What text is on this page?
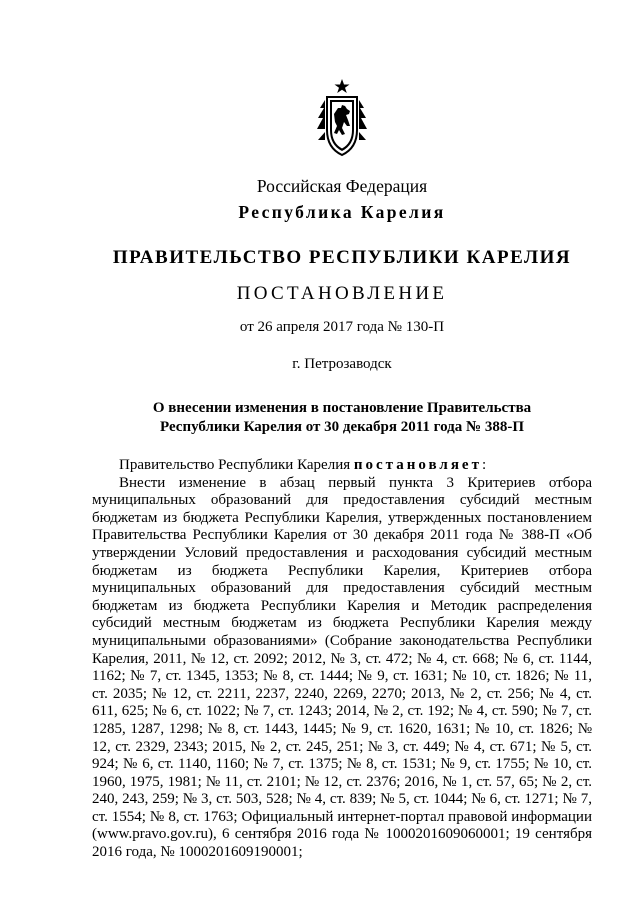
Российская Федерация
Республика Карелия
ПРАВИТЕЛЬСТВО РЕСПУБЛИКИ КАРЕЛИЯ
ПОСТАНОВЛЕНИЕ
от 26 апреля 2017 года № 130-П
г. Петрозаводск
О внесении изменения в постановление Правительства
Республики Карелия от 30 декабря 2011 года № 388-П

Правительство Республики Карелия постановляет:

Внести изменение в абзац первый пункта 3 Критериев отбора муниципальных образований для предоставления субсидий местным бюджетам из бюджета Республики Карелия, утвержденных постановлением Правительства Республики Карелия от 30 декабря 2011 года № 388-П «Об утверждении Условий предоставления и расходования субсидий местным бюджетам из бюджета Республики Карелия, Критериев отбора муниципальных образований для предоставления субсидий местным бюджетам из бюджета Республики Карелия и Методик распределения субсидий местным бюджетам из бюджета Республики Карелия между муниципальными образованиями» (Собрание законодательства Республики Карелия, 2011, № 12, ст. 2092; 2012, № 3, ст. 472; № 4, ст. 668; № 6, ст. 1144, 1162; № 7, ст. 1345, 1353; № 8, ст. 1444; № 9, ст. 1631; № 10, ст. 1826; № 11, ст. 2035; № 12, ст. 2211, 2237, 2240, 2269, 2270; 2013, № 2, ст. 256; № 4, ст. 611, 625; № 6, ст. 1022; № 7, ст. 1243; 2014, № 2, ст. 192; № 4, ст. 590; № 7, ст. 1285, 1287, 1298; № 8, ст. 1443, 1445; № 9, ст. 1620, 1631; № 10, ст. 1826; № 12, ст. 2329, 2343; 2015, № 2, ст. 245, 251; № 3, ст. 449; № 4, ст. 671; № 5, ст. 924; № 6, ст. 1140, 1160; № 7, ст. 1375; № 8, ст. 1531; № 9, ст. 1755; № 10, ст. 1960, 1975, 1981; № 11, ст. 2101; № 12, ст. 2376; 2016, № 1, ст. 57, 65; № 2, ст. 240, 243, 259; № 3, ст. 503, 528; № 4, ст. 839; № 5, ст. 1044; № 6, ст. 1271; № 7, ст. 1554; № 8, ст. 1763; Официальный интернет-портал правовой информации (www.pravo.gov.ru), 6 сентября 2016 года № 1000201609060001; 19 сентября 2016 года, № 1000201609190001;
